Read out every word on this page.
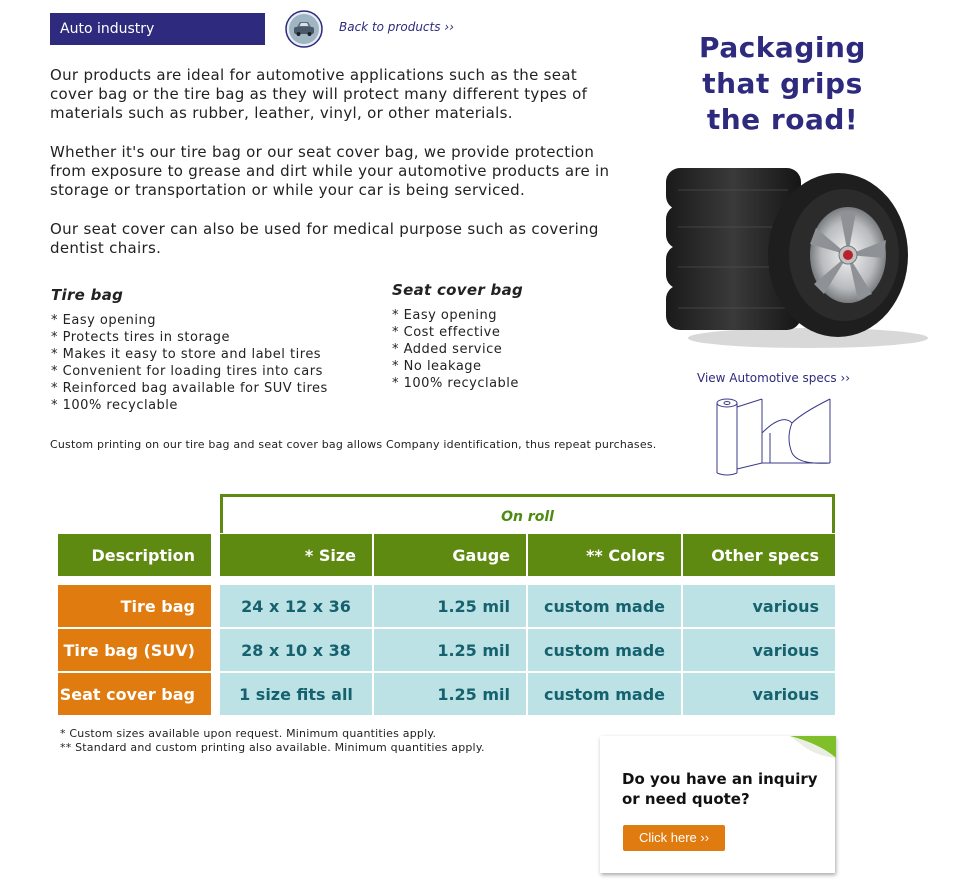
Auto industry	Back to products ››
Our products are ideal for automotive applications such as the seat cover bag or the tire bag as they will protect many different types of materials such as rubber, leather, vinyl, or other materials.
Whether it's our tire bag or our seat cover bag, we provide protection from exposure to grease and dirt while your automotive products are in storage or transportation or while your car is being serviced.
Our seat cover can also be used for medical purpose such as covering dentist chairs.
Tire bag
* Easy opening
* Protects tires in storage
* Makes it easy to store and label tires
* Convenient for loading tires into cars
* Reinforced bag available for SUV tires
* 100% recyclable
Seat cover bag
* Easy opening
* Cost effective
* Added service
* No leakage
* 100% recyclable
Custom printing on our tire bag and seat cover bag allows Company identification, thus repeat purchases.
Packaging
that grips
the road!
View Automotive specs ››
On roll
Description	* Size	Gauge	** Colors	Other specs
Tire bag	24 x 12 x 36	1.25 mil	custom made	various
Tire bag (SUV)	28 x 10 x 38	1.25 mil	custom made	various
Seat cover bag	1 size fits all	1.25 mil	custom made	various
* Custom sizes available upon request. Minimum quantities apply.
** Standard and custom printing also available. Minimum quantities apply.
Do you have an inquiry
or need quote?
Click here ››
